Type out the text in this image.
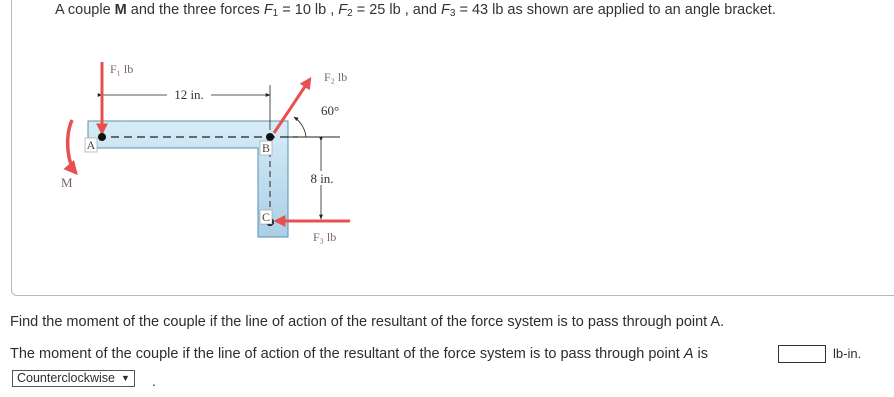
A couple M and the three forces $F_1 = 10$ lb , $F_2 = 25$ lb , and $F_3 = 43$ lb as shown are applied to an angle bracket.
12 in.
8 in.
60°
A	B
C
F₁ lb
F₂ lb
F₃ lb
M
Find the moment of the couple if the line of action of the resultant of the force system is to pass through point A.
The moment of the couple if the line of action of the resultant of the force system is to pass through point A is	lb-in.
Counterclockwise ▼ .
